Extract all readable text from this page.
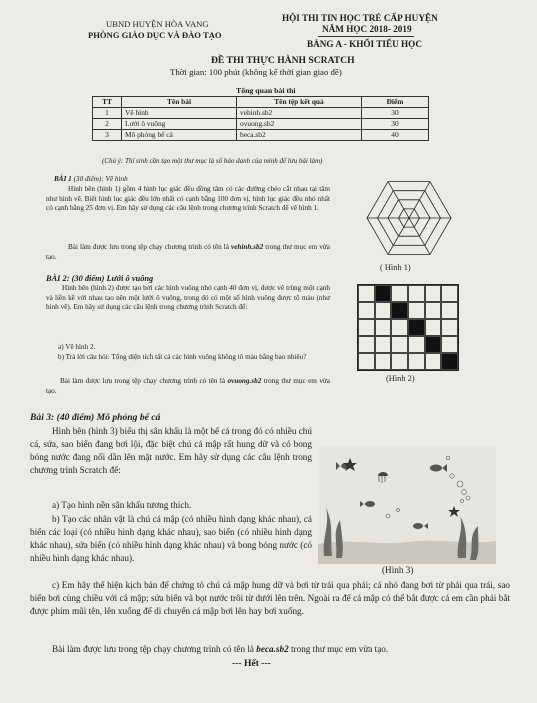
UBND HUYỆN HÒA VANG
PHÒNG GIÁO DỤC VÀ ĐÀO TẠO
HỘI THI TIN HỌC TRẺ CẤP HUYỆN
NĂM HỌC 2018- 2019
BẢNG A - KHỐI TIỂU HỌC
ĐỀ THI THỰC HÀNH SCRATCH
Thời gian: 100 phút (không kể thời gian giao đề)
Tổng quan bài thi
TT	Tên bài	Tên tệp kết quả	Điểm
1	Vẽ hình	vehinh.sb2	30
2	Lưới ô vuông	ovuong.sb2	30
3	Mô phỏng bể cá	beca.sb2	40
(Chú ý: Thí sinh cần tạo một thư mục là số báo danh của mình để lưu bài làm)
BÀI 1 (30 điểm): Vẽ hình
Hình bên (hình 1) gồm 4 hình lục giác đều đồng tâm có các đường chéo cắt nhau tại tâm như hình vẽ. Biết hình lục giác đều lớn nhất có cạnh bằng 100 đơn vị, hình lục giác đều nhỏ nhất có cạnh bằng 25 đơn vị. Em hãy sử dụng các câu lệnh trong chương trình Scratch để vẽ hình 1.
Bài làm được lưu trong tệp chạy chương trình có tên là vehinh.sb2 trong thư mục em vừa tạo.
( Hình 1)
BÀI 2: (30 điểm) Lưới ô vuông
Hình bên (hình 2) được tạo bởi các hình vuông nhỏ cạnh 40 đơn vị, được vẽ trùng một cạnh và liền kề với nhau tạo nên một lưới ô vuông, trong đó có một số hình vuông được tô màu (như hình vẽ). Em hãy sử dụng các câu lệnh trong chương trình Scratch để:
a) Vẽ hình 2.
b) Trả lời câu hỏi: Tổng diện tích tất cả các hình vuông không tô màu bằng bao nhiêu?
Bài làm được lưu trong tệp chạy chương trình có tên là ovuong.sb2 trong thư mục em vừa tạo.
(Hình 2)
Bài 3: (40 điểm) Mô phỏng bể cá
Hình bên (hình 3) biểu thị sân khấu là một bể cá trong đó có nhiều chú cá, sứa, sao biển đang bơi lội, đặc biệt chú cá mập rất hung dữ và có bong bóng nước đang nổi dần lên mặt nước. Em hãy sử dụng các câu lệnh trong chương trình Scratch để:
a) Tạo hình nền sân khấu tương thích.
b) Tạo các nhân vật là chú cá mập (có nhiều hình dạng khác nhau), cá biển các loại (có nhiều hình dạng khác nhau), sao biển (có nhiều hình dạng khác nhau), sứa biển (có nhiều hình dạng khác nhau) và bong bóng nước (có nhiều hình dạng khác nhau).
(Hình 3)
c) Em hãy thể hiện kịch bản để chứng tỏ chú cá mập hung dữ và bơi từ trái qua phải; cá nhỏ đang bơi từ phải qua trái, sao biển bơi cùng chiều với cá mập; sứa biển và bọt nước trôi từ dưới lên trên. Ngoài ra để cá mập có thể bắt được cá em cần phải bắt được phím mũi tên, lên xuống để di chuyển cá mập bơi lên hay bơi xuống.
Bài làm được lưu trong tệp chạy chương trình có tên là beca.sb2 trong thư mục em vừa tạo.
--- Hết ---
